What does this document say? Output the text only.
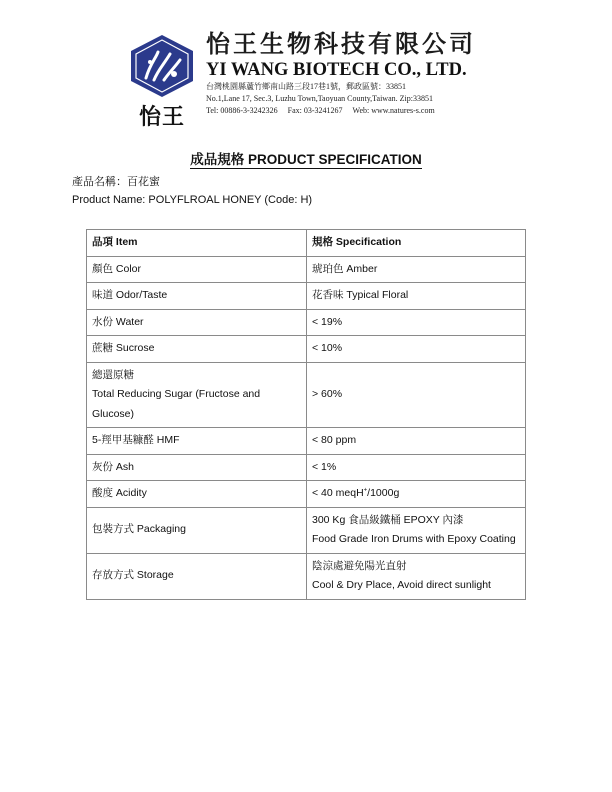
怡王
怡王生物科技有限公司
YI WANG BIOTECH CO., LTD.
台灣桃園縣蘆竹鄉南山路三段17巷1號，郵政區號：33851
No.1,Lane 17, Sec.3, Luzhu Town,Taoyuan County,Taiwan. Zip:33851
Tel: 00886-3-3242326 Fax: 03-3241267 Web: www.natures-s.com
成品規格 PRODUCT SPECIFICATION
產品名稱：百花蜜
Product Name: POLYFLROAL HONEY (Code: H)
品項 Item	規格 Specification
顏色 Color	琥珀色 Amber
味道 Odor/Taste	花香味 Typical Floral
水份 Water	< 19%
蔗糖 Sucrose	< 10%

總還原糖
Total Reducing Sugar (Fructose and Glucose)	> 60%
5-羥甲基糠醛 HMF	< 80 ppm
灰份 Ash	< 1%
酸度 Acidity	< 40 meqH+/1000g
包裝方式 Packaging	300 Kg 食品級鐵桶 EPOXY 內漆
Food Grade Iron Drums with Epoxy Coating

存放方式 Storage	陰涼處避免陽光直射
Cool & Dry Place, Avoid direct sunlight
